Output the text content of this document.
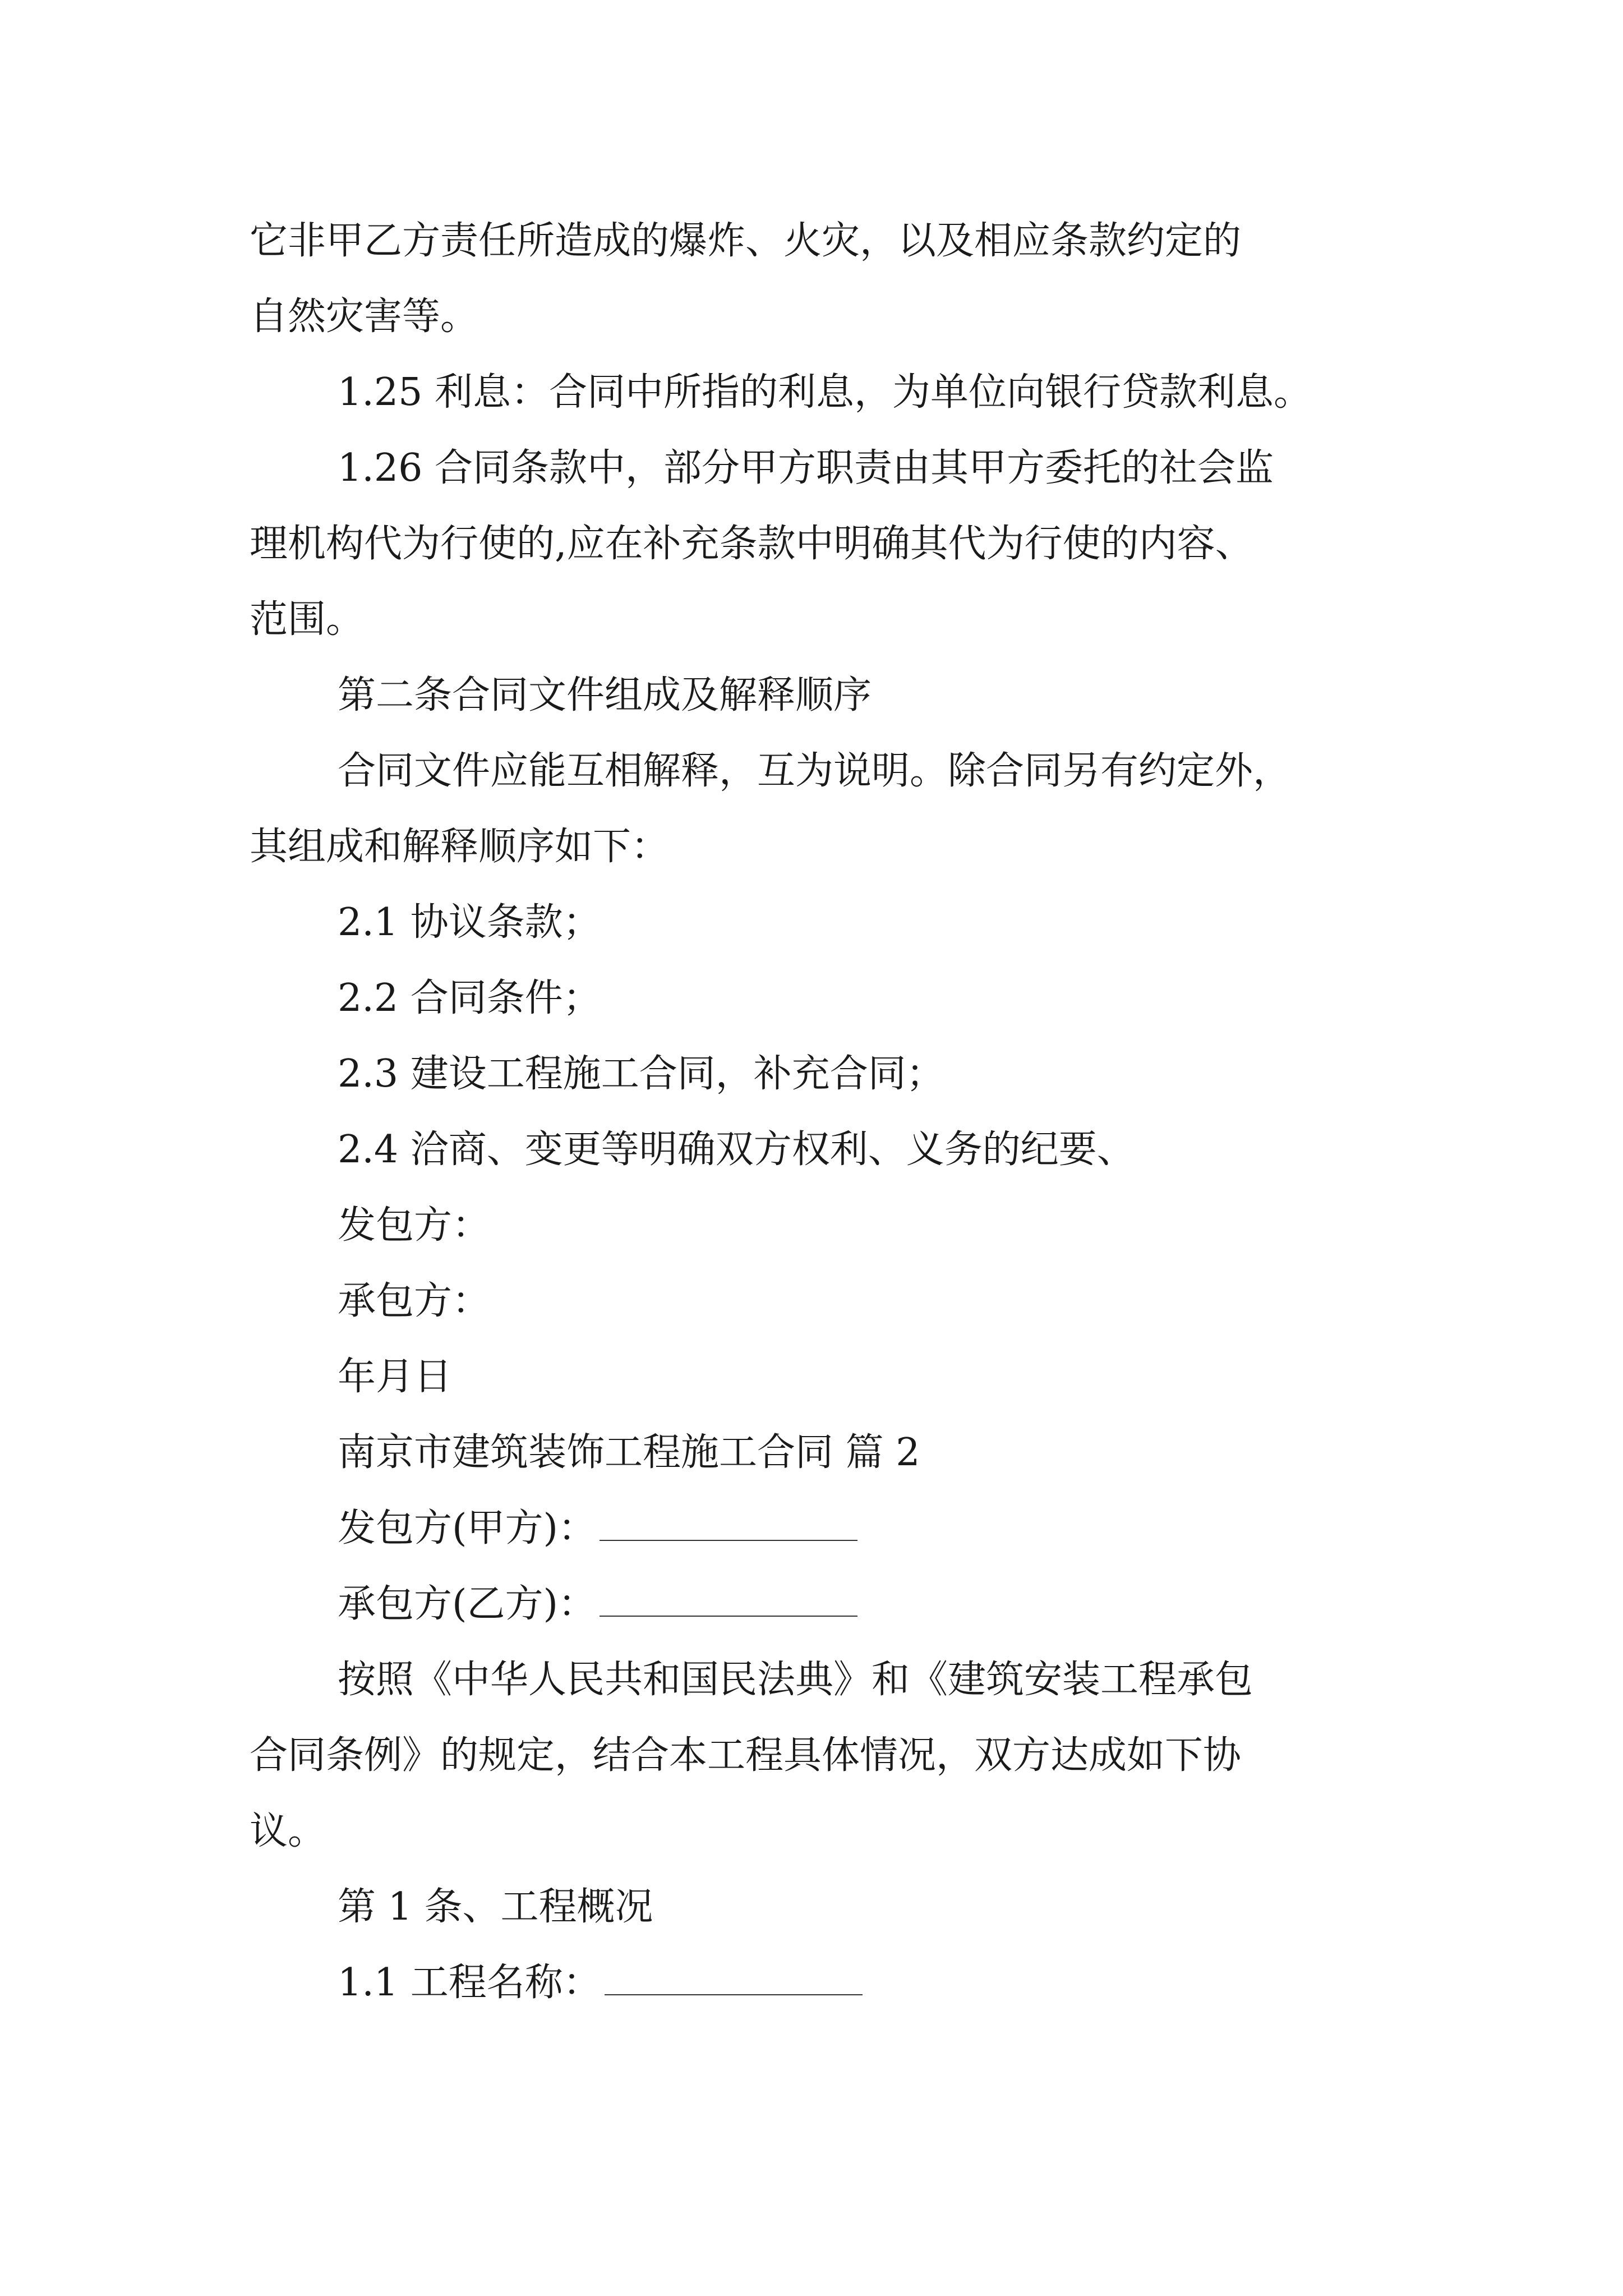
它非甲乙方责任所造成的爆炸、火灾，以及相应条款约定的
自然灾害等。
1.25 利息：合同中所指的利息，为单位向银行贷款利息。
1.26 合同条款中，部分甲方职责由其甲方委托的社会监
理机构代为行使的,应在补充条款中明确其代为行使的内容、
范围。
第二条合同文件组成及解释顺序
合同文件应能互相解释，互为说明。除合同另有约定外，
其组成和解释顺序如下：
2.1 协议条款；
2.2 合同条件；
2.3 建设工程施工合同，补充合同；
2.4 洽商、变更等明确双方权利、义务的纪要、
发包方：
承包方：
年月日
南京市建筑装饰工程施工合同 篇 2
发包方(甲方)：
承包方(乙方)：
按照《中华人民共和国民法典》和《建筑安装工程承包
合同条例》的规定，结合本工程具体情况，双方达成如下协
议。
第 1 条、工程概况
1.1 工程名称：
